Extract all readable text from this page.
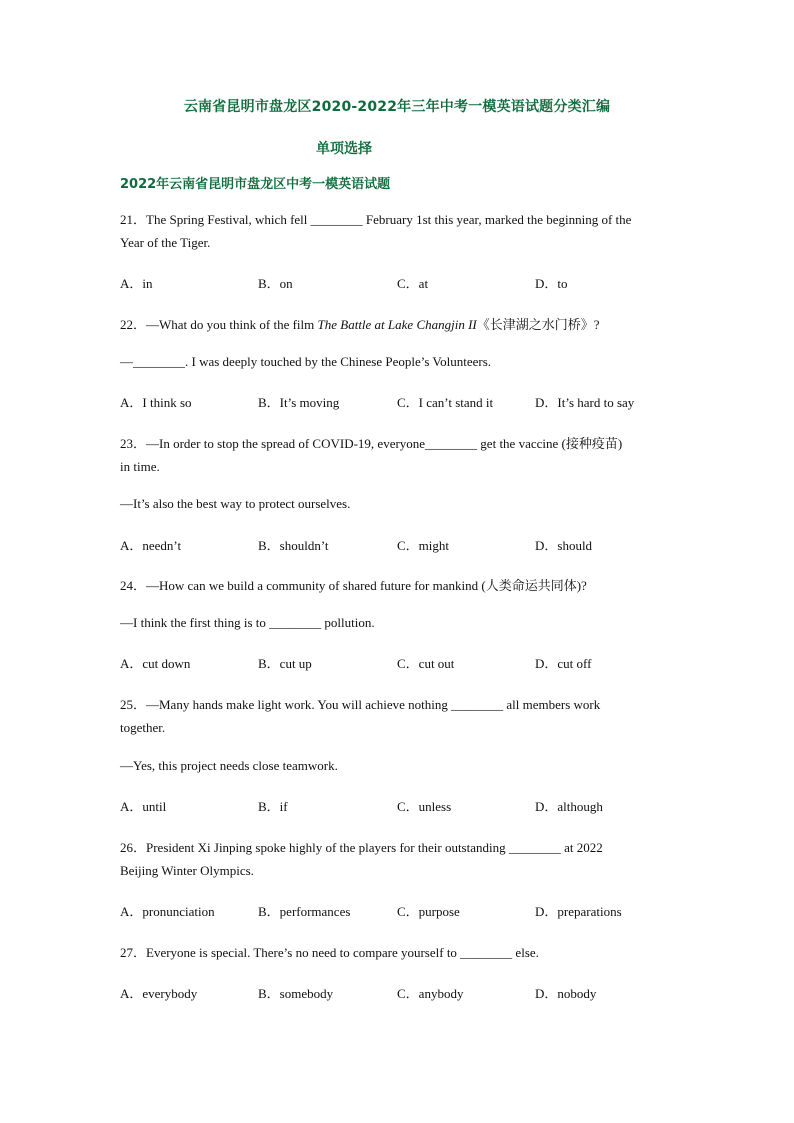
云南省昆明市盘龙区2020-2022年三年中考一模英语试题分类汇编
单项选择
2022年云南省昆明市盘龙区中考一模英语试题
21．The Spring Festival, which fell ________ February 1st this year, marked the beginning of the
Year of the Tiger.
A．in	B．on	C．at	D．to
22．—What do you think of the film The Battle at Lake Changjin II《长津湖之水门桥》?
—________. I was deeply touched by the Chinese People’s Volunteers.
A．I think so	B．It’s moving	C．I can’t stand it	D．It’s hard to say
23．—In order to stop the spread of COVID-19, everyone________ get the vaccine (接种疫苗)
in time.
—It’s also the best way to protect ourselves.
A．needn’t	B．shouldn’t	C．might	D．should
24．—How can we build a community of shared future for mankind (人类命运共同体)?
—I think the first thing is to ________ pollution.
A．cut down	B．cut up	C．cut out	D．cut off
25．—Many hands make light work. You will achieve nothing ________ all members work
together.
—Yes, this project needs close teamwork.
A．until	B．if	C．unless	D．although
26．President Xi Jinping spoke highly of the players for their outstanding ________ at 2022
Beijing Winter Olympics.
A．pronunciation	B．performances	C．purpose	D．preparations
27．Everyone is special. There’s no need to compare yourself to ________ else.
A．everybody	B．somebody	C．anybody	D．nobody
